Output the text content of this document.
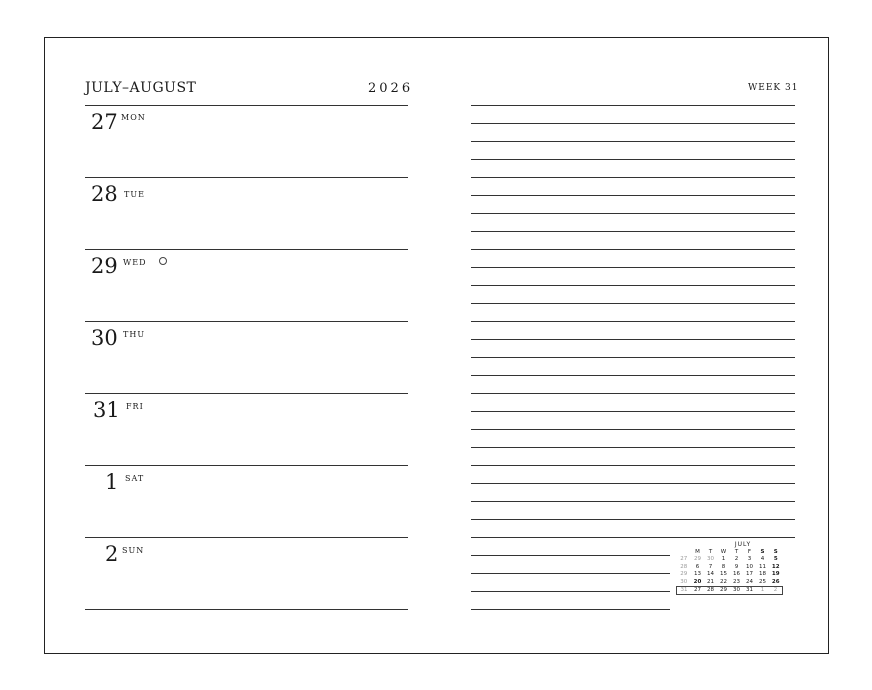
JULY–AUGUST	2026	WEEK 31
27 MON
28 TUE
29 WED
30 THU
31 FRI
1 SAT
2 SUN
JULY
	M	T	W	T	F	S	S
27	29	30	1	2	3	4	5
28	6	7	8	9	10	11	12
29	13	14	15	16	17	18	19
30	20	21	22	23	24	25	26
31	27	28	29	30	31	1	2
